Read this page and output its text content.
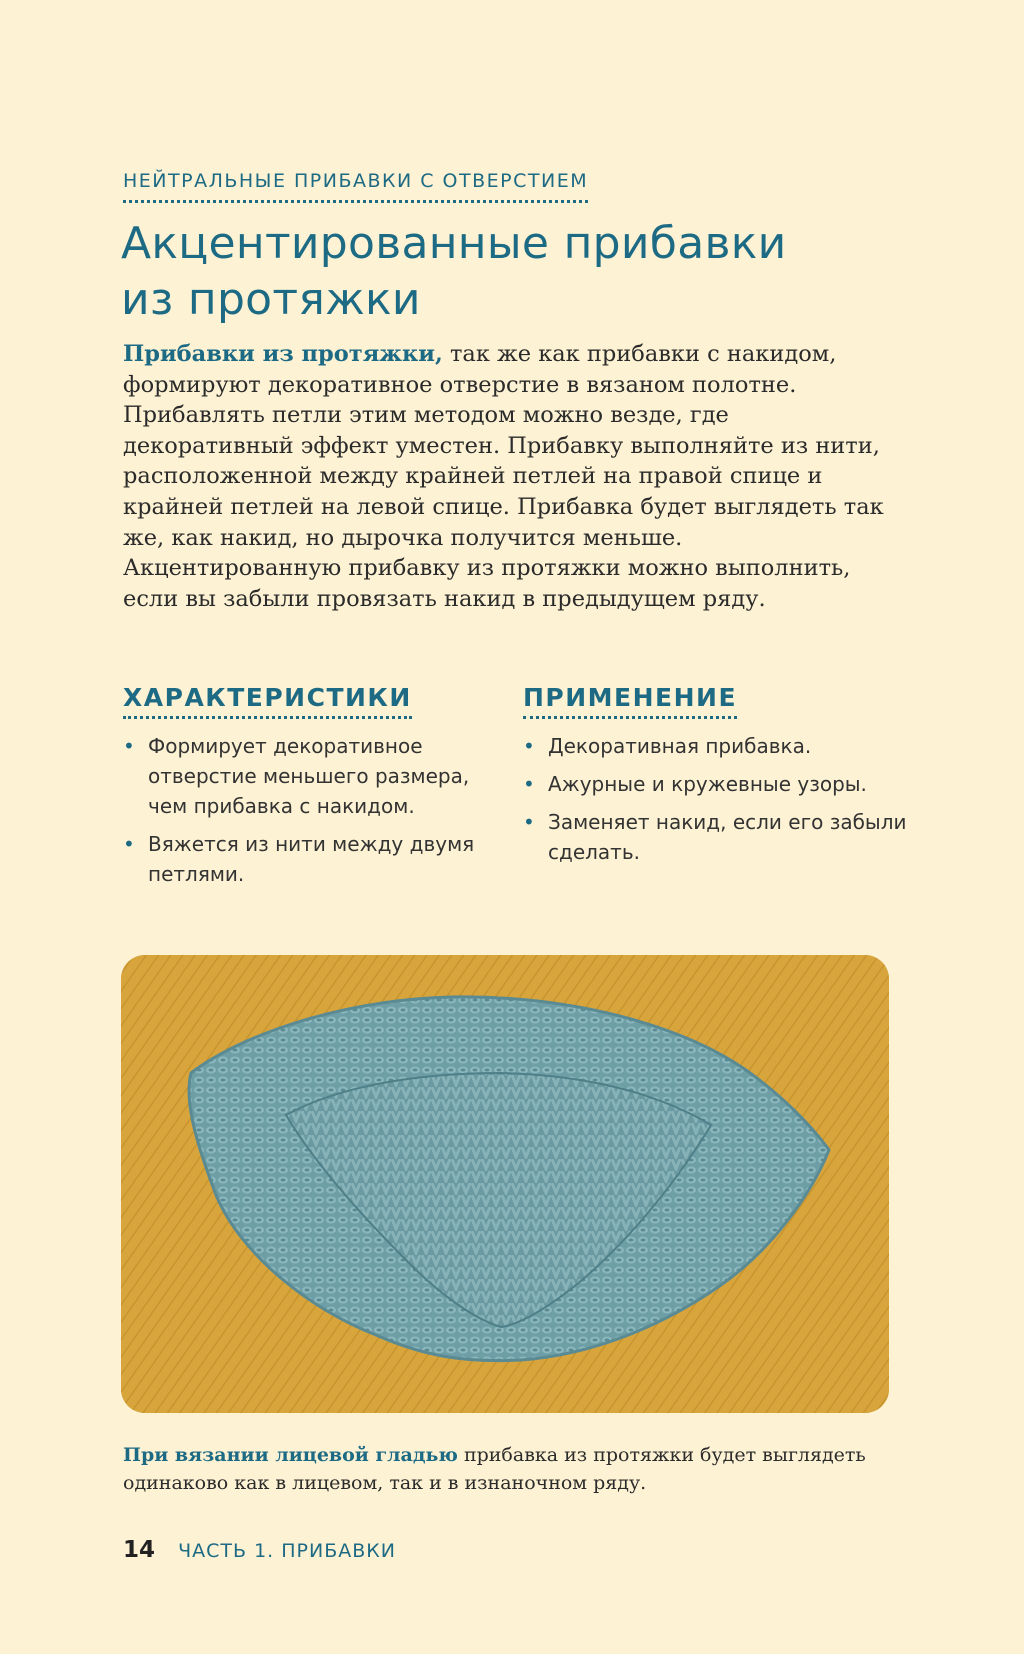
НЕЙТРАЛЬНЫЕ ПРИБАВКИ С ОТВЕРСТИЕМ
Акцентированные прибавки
из протяжки

Прибавки из протяжки, так же как прибавки с накидом, формируют декоративное отверстие в вязаном полотне. Прибавлять петли этим методом можно везде, где декоративный эффект уместен. Прибавку выполняйте из нити, расположенной между крайней петлей на правой спице и крайней петлей на левой спице. Прибавка будет выглядеть так же, как накид, но дырочка получится меньше. Акцентированную прибавку из протяжки можно выполнить, если вы забыли провязать накид в предыдущем ряду.

ХАРАКТЕРИСТИКИ
• Формирует декоративное отверстие меньшего размера, чем прибавка с накидом.
• Вяжется из нити между двумя петлями.
ПРИМЕНЕНИЕ
• Декоративная прибавка.
• Ажурные и кружевные узоры.
• Заменяет накид, если его забыли сделать.

При вязании лицевой гладью прибавка из протяжки будет выглядеть одинаково как в лицевом, так и в изнаночном ряду.

14 ЧАСТЬ 1. ПРИБАВКИ
